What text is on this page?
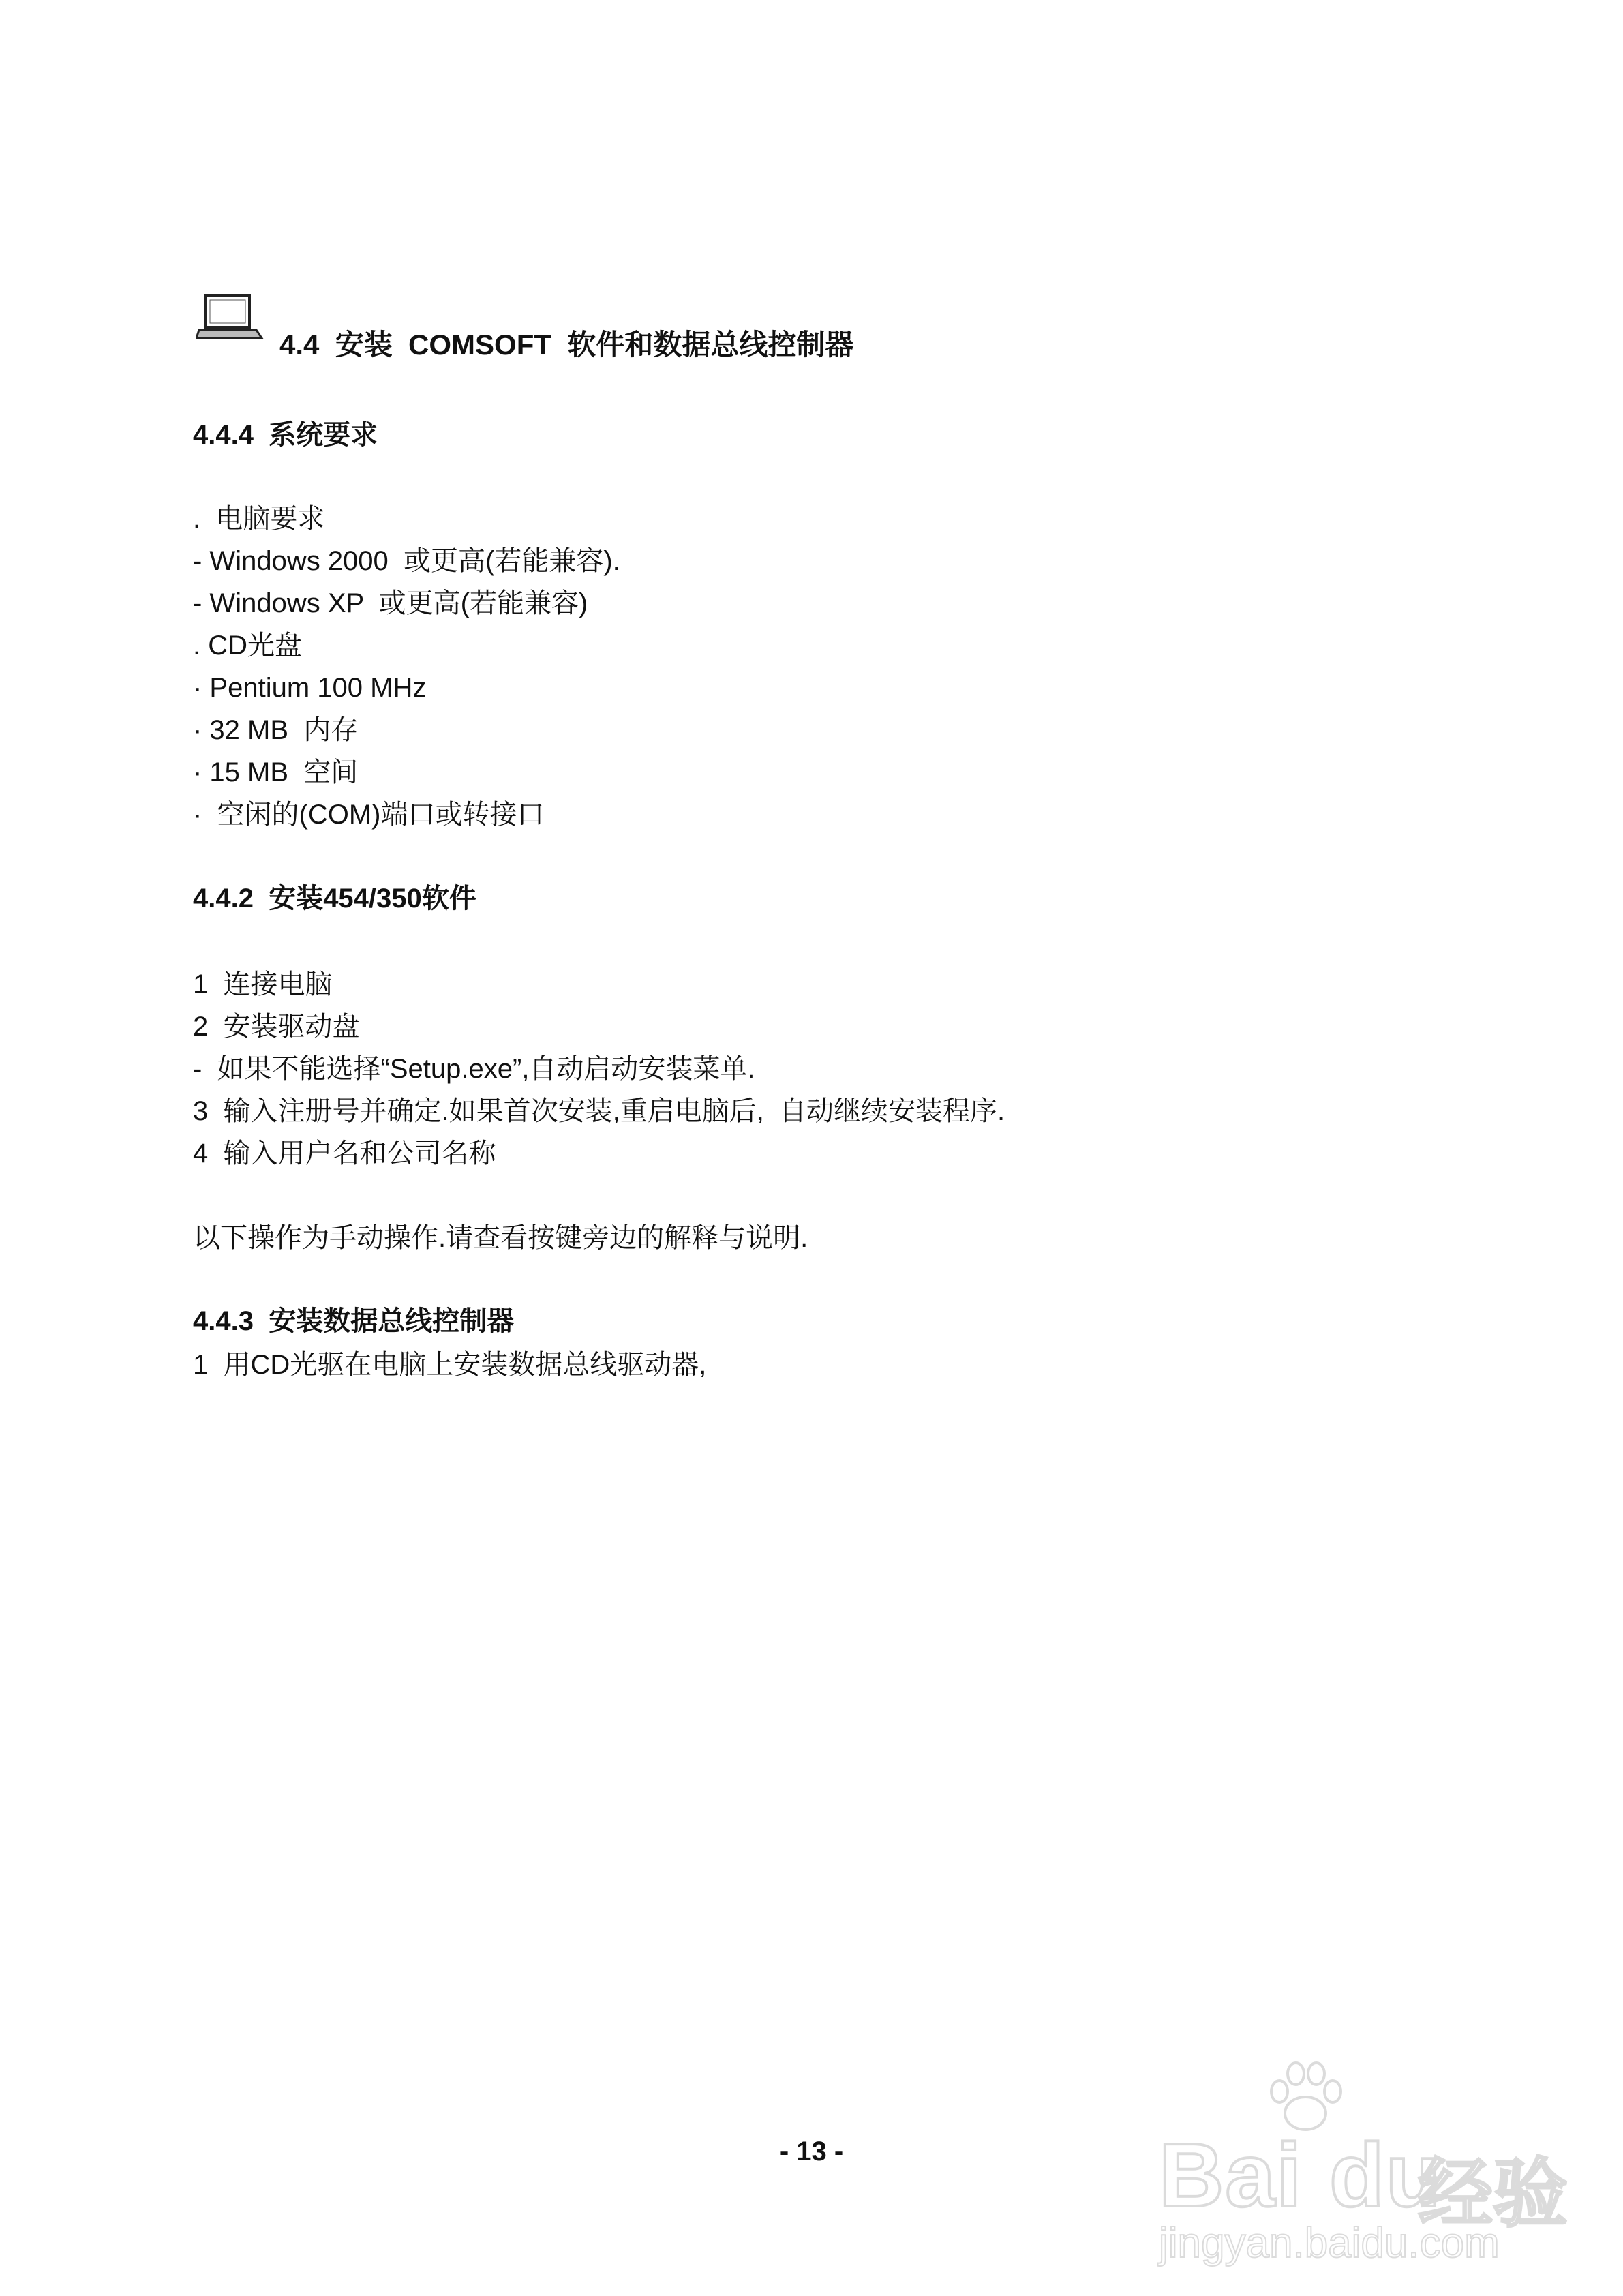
4.4  安装  COMSOFT  软件和数据总线控制器
4.4.4  系统要求
.  电脑要求
- Windows 2000  或更高(若能兼容).
- Windows XP  或更高(若能兼容)
. CD光盘
· Pentium 100 MHz
· 32 MB  内存
· 15 MB  空间
·  空闲的(COM)端口或转接口
4.4.2  安装454/350软件
1  连接电脑
2  安装驱动盘
-  如果不能选择“Setup.exe”,自动启动安装菜单.
3  输入注册号并确定.如果首次安装,重启电脑后,  自动继续安装程序.
4  输入用户名和公司名称
以下操作为手动操作.请查看按键旁边的解释与说明.
4.4.3  安装数据总线控制器
1  用CD光驱在电脑上安装数据总线驱动器,
- 13 -	Bai du
经验
jingyan.baidu.com
